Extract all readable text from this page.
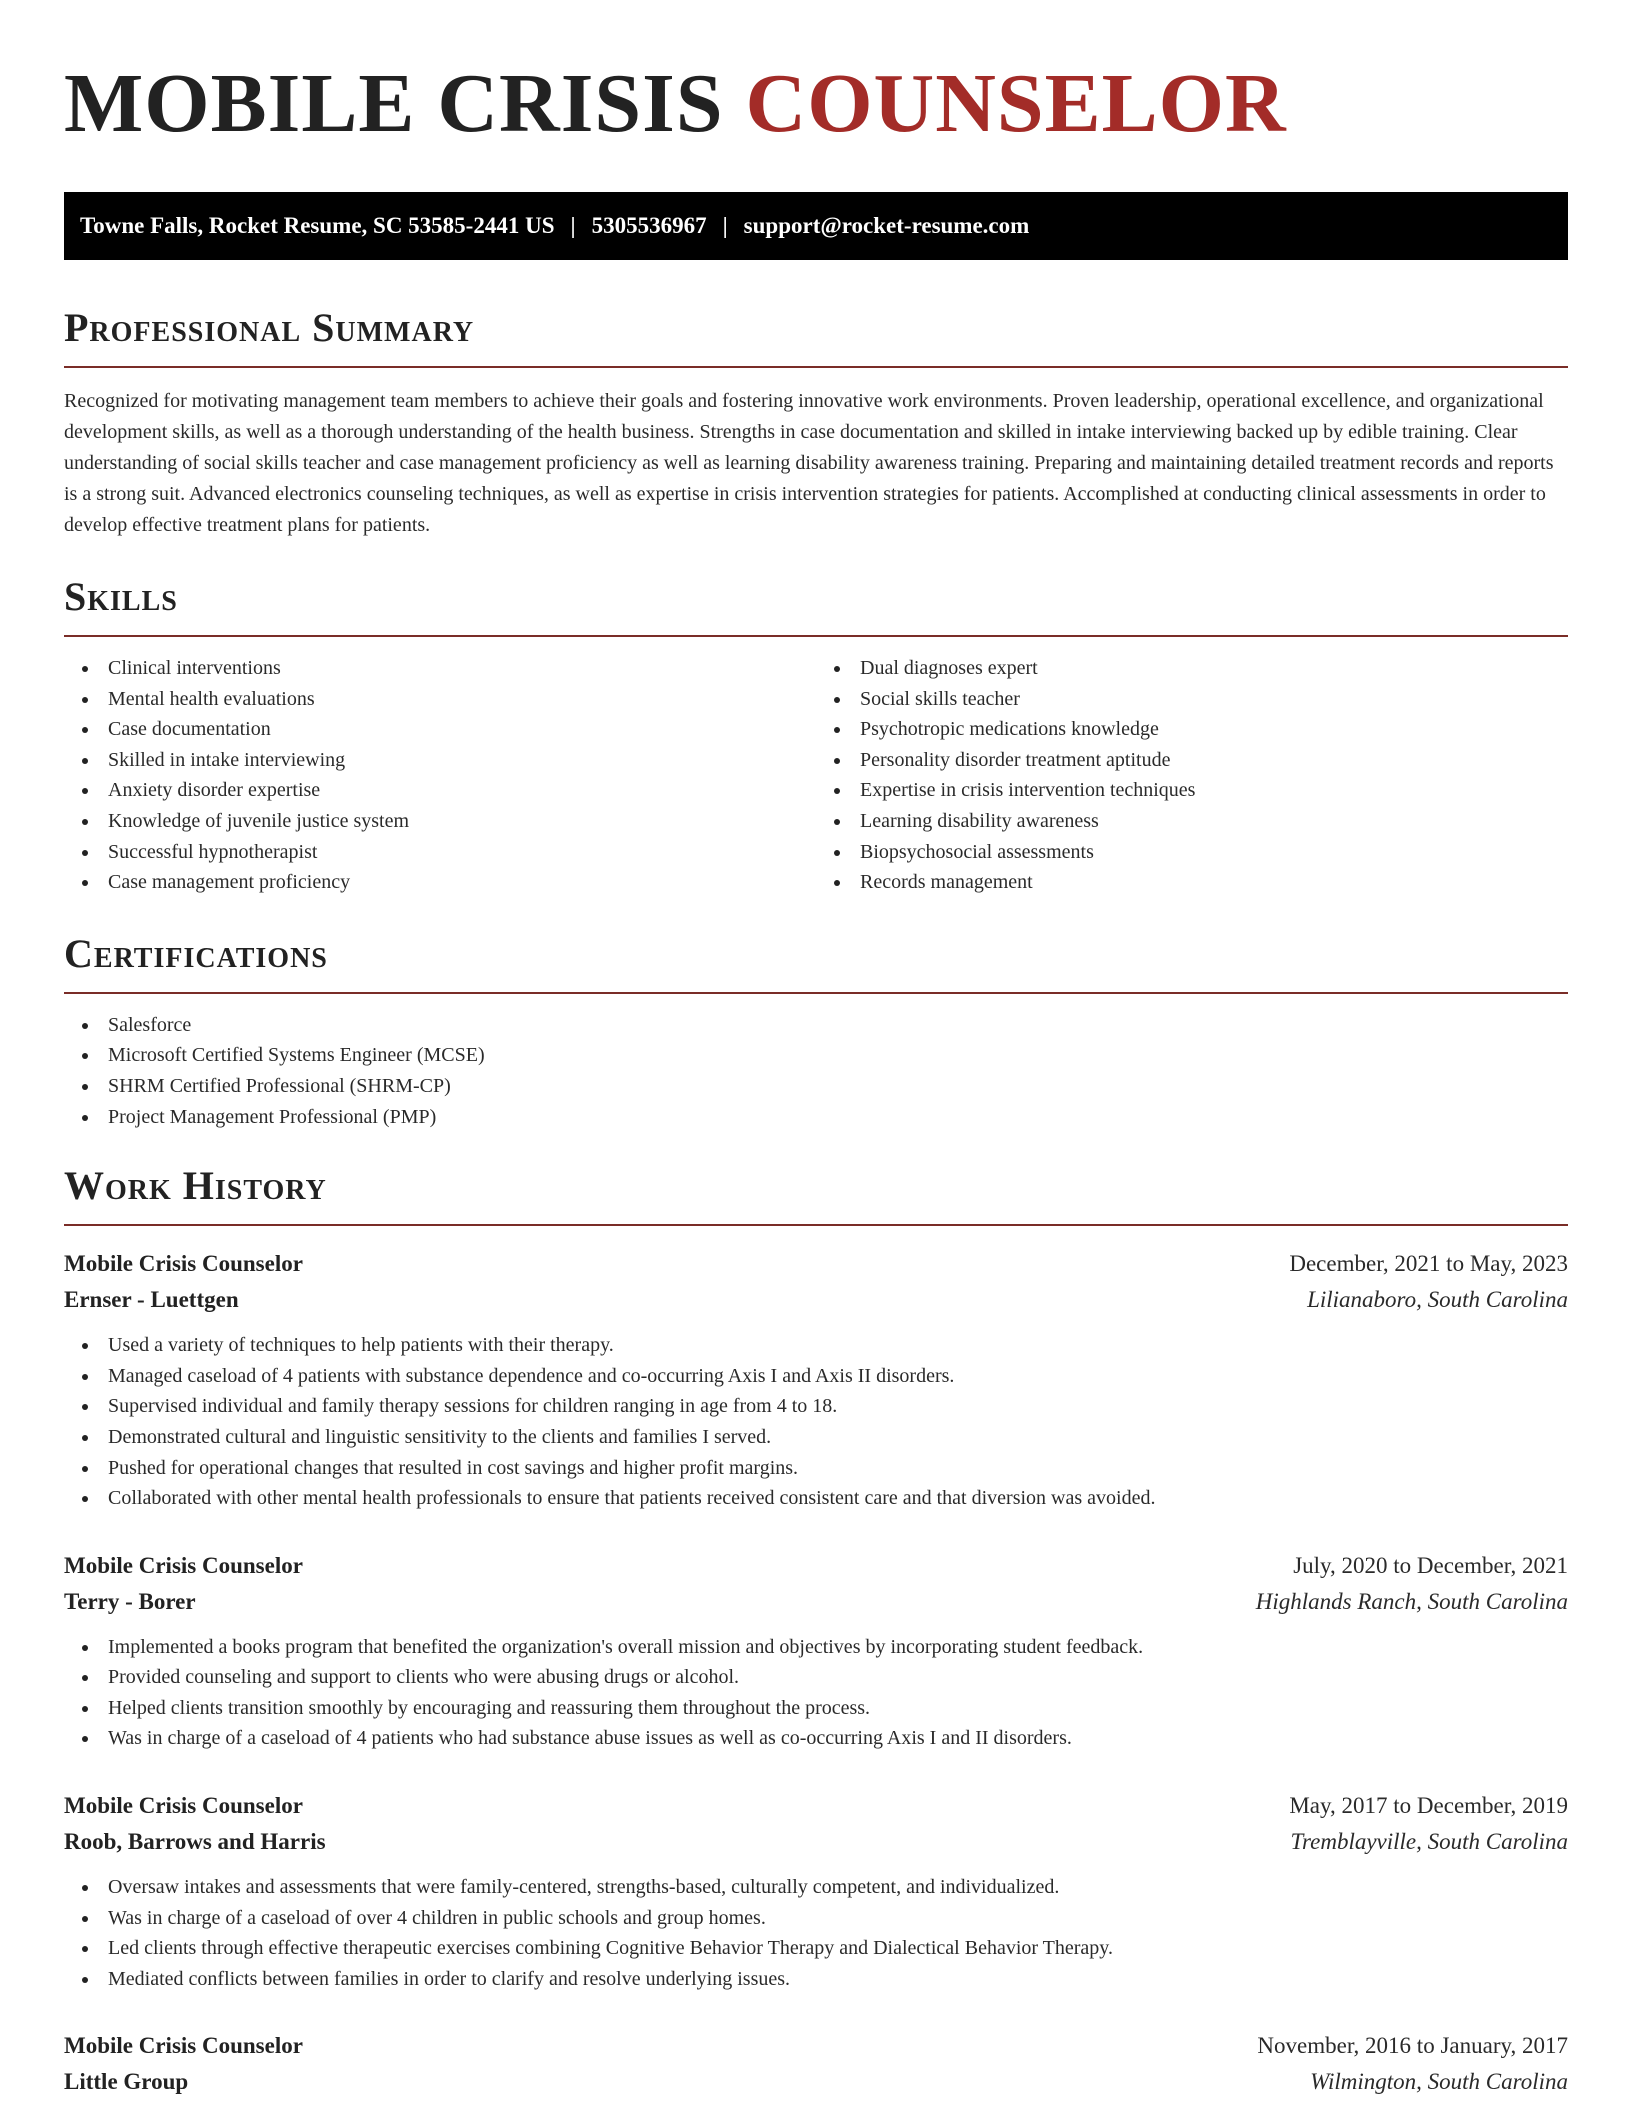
MOBILE CRISIS COUNSELOR
Towne Falls, Rocket Resume, SC 53585-2441 US | 5305536967 | support@rocket-resume.com
Professional Summary

Recognized for motivating management team members to achieve their goals and fostering innovative work environments. Proven leadership, operational excellence, and organizational development skills, as well as a thorough understanding of the health business. Strengths in case documentation and skilled in intake interviewing backed up by edible training. Clear understanding of social skills teacher and case management proficiency as well as learning disability awareness training. Preparing and maintaining detailed treatment records and reports is a strong suit. Advanced electronics counseling techniques, as well as expertise in crisis intervention strategies for patients. Accomplished at conducting clinical assessments in order to develop effective treatment plans for patients.

Skills
Clinical interventions
Mental health evaluations
Case documentation
Skilled in intake interviewing
Anxiety disorder expertise
Knowledge of juvenile justice system
Successful hypnotherapist
Case management proficiency
Dual diagnoses expert
Social skills teacher
Psychotropic medications knowledge
Personality disorder treatment aptitude
Expertise in crisis intervention techniques
Learning disability awareness
Biopsychosocial assessments
Records management
Certifications
Salesforce
Microsoft Certified Systems Engineer (MCSE)
SHRM Certified Professional (SHRM-CP)
Project Management Professional (PMP)
Work History
Mobile Crisis Counselor	December, 2021 to May, 2023
Ernser - Luettgen	Lilianaboro, South Carolina
Used a variety of techniques to help patients with their therapy.
Managed caseload of 4 patients with substance dependence and co-occurring Axis I and Axis II disorders.
Supervised individual and family therapy sessions for children ranging in age from 4 to 18.
Demonstrated cultural and linguistic sensitivity to the clients and families I served.
Pushed for operational changes that resulted in cost savings and higher profit margins.
Collaborated with other mental health professionals to ensure that patients received consistent care and that diversion was avoided.
Mobile Crisis Counselor	July, 2020 to December, 2021
Terry - Borer	Highlands Ranch, South Carolina
Implemented a books program that benefited the organization's overall mission and objectives by incorporating student feedback.
Provided counseling and support to clients who were abusing drugs or alcohol.
Helped clients transition smoothly by encouraging and reassuring them throughout the process.
Was in charge of a caseload of 4 patients who had substance abuse issues as well as co-occurring Axis I and II disorders.
Mobile Crisis Counselor	May, 2017 to December, 2019
Roob, Barrows and Harris	Tremblayville, South Carolina
Oversaw intakes and assessments that were family-centered, strengths-based, culturally competent, and individualized.
Was in charge of a caseload of over 4 children in public schools and group homes.
Led clients through effective therapeutic exercises combining Cognitive Behavior Therapy and Dialectical Behavior Therapy.
Mediated conflicts between families in order to clarify and resolve underlying issues.
Mobile Crisis Counselor	November, 2016 to January, 2017
Little Group	Wilmington, South Carolina
